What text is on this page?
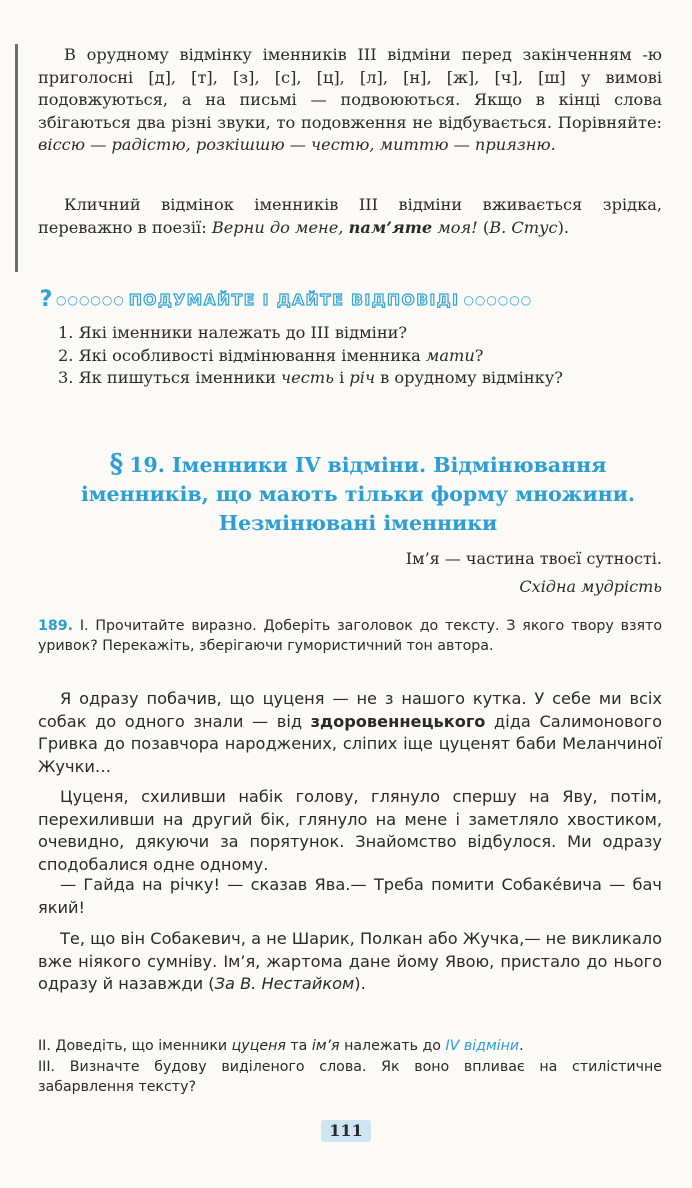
В орудному відмінку іменників III відміни перед закінченням -ю приголосні [д], [т], [з], [с], [ц], [л], [н], [ж], [ч], [ш] у вимові подовжуються, а на письмі — подвоюються. Якщо в кінці слова збігаються два різні звуки, то подовження не відбувається. Порівняйте: віссю — радістю, розкішшю — честю, миттю — приязню.

Кличний відмінок іменників III відміни вживається зрідка, переважно в поезії: Верни до мене, пам’яте моя! (В. Стус).

? ○○○○○○ ПОДУМАЙТЕ І ДАЙТЕ ВІДПОВІДІ ○○○○○○
1. Які іменники належать до III відміни?
2. Які особливості відмінювання іменника мати?
3. Як пишуться іменники честь і річ в орудному відмінку?
§ 19. Іменники IV відміни. Відмінювання іменників, що мають тільки форму множини. Незмінювані іменники
Ім’я — частина твоєї сутності.
Східна мудрість

189. I. Прочитайте виразно. Доберіть заголовок до тексту. З якого твору взято уривок? Перекажіть, зберігаючи гумористичний тон автора.

Я одразу побачив, що цуценя — не з нашого кутка. У себе ми всіх собак до одного знали — від здоровеннецького діда Салимонового Гривка до позавчора народжених, сліпих іще цуценят баби Меланчиної Жучки…

Цуценя, схиливши набік голову, глянуло спершу на Яву, потім, перехиливши на другий бік, глянуло на мене і заметляло хвостиком, очевидно, дякуючи за порятунок. Знайомство відбулося. Ми одразу сподобалися одне одному.

— Гайда на річку! — сказав Ява.— Треба помити Собаке́вича — бач який!

Те, що він Собакевич, а не Шарик, Полкан або Жучка,— не викликало вже ніякого сумніву. Ім’я, жартома дане йому Явою, пристало до нього одразу й назавжди (За В. Нестайком).

II. Доведіть, що іменники цуценя та ім’я належать до IV відміни.

III. Визначте будову виділеного слова. Як воно впливає на стилістичне забарвлення тексту?

111
